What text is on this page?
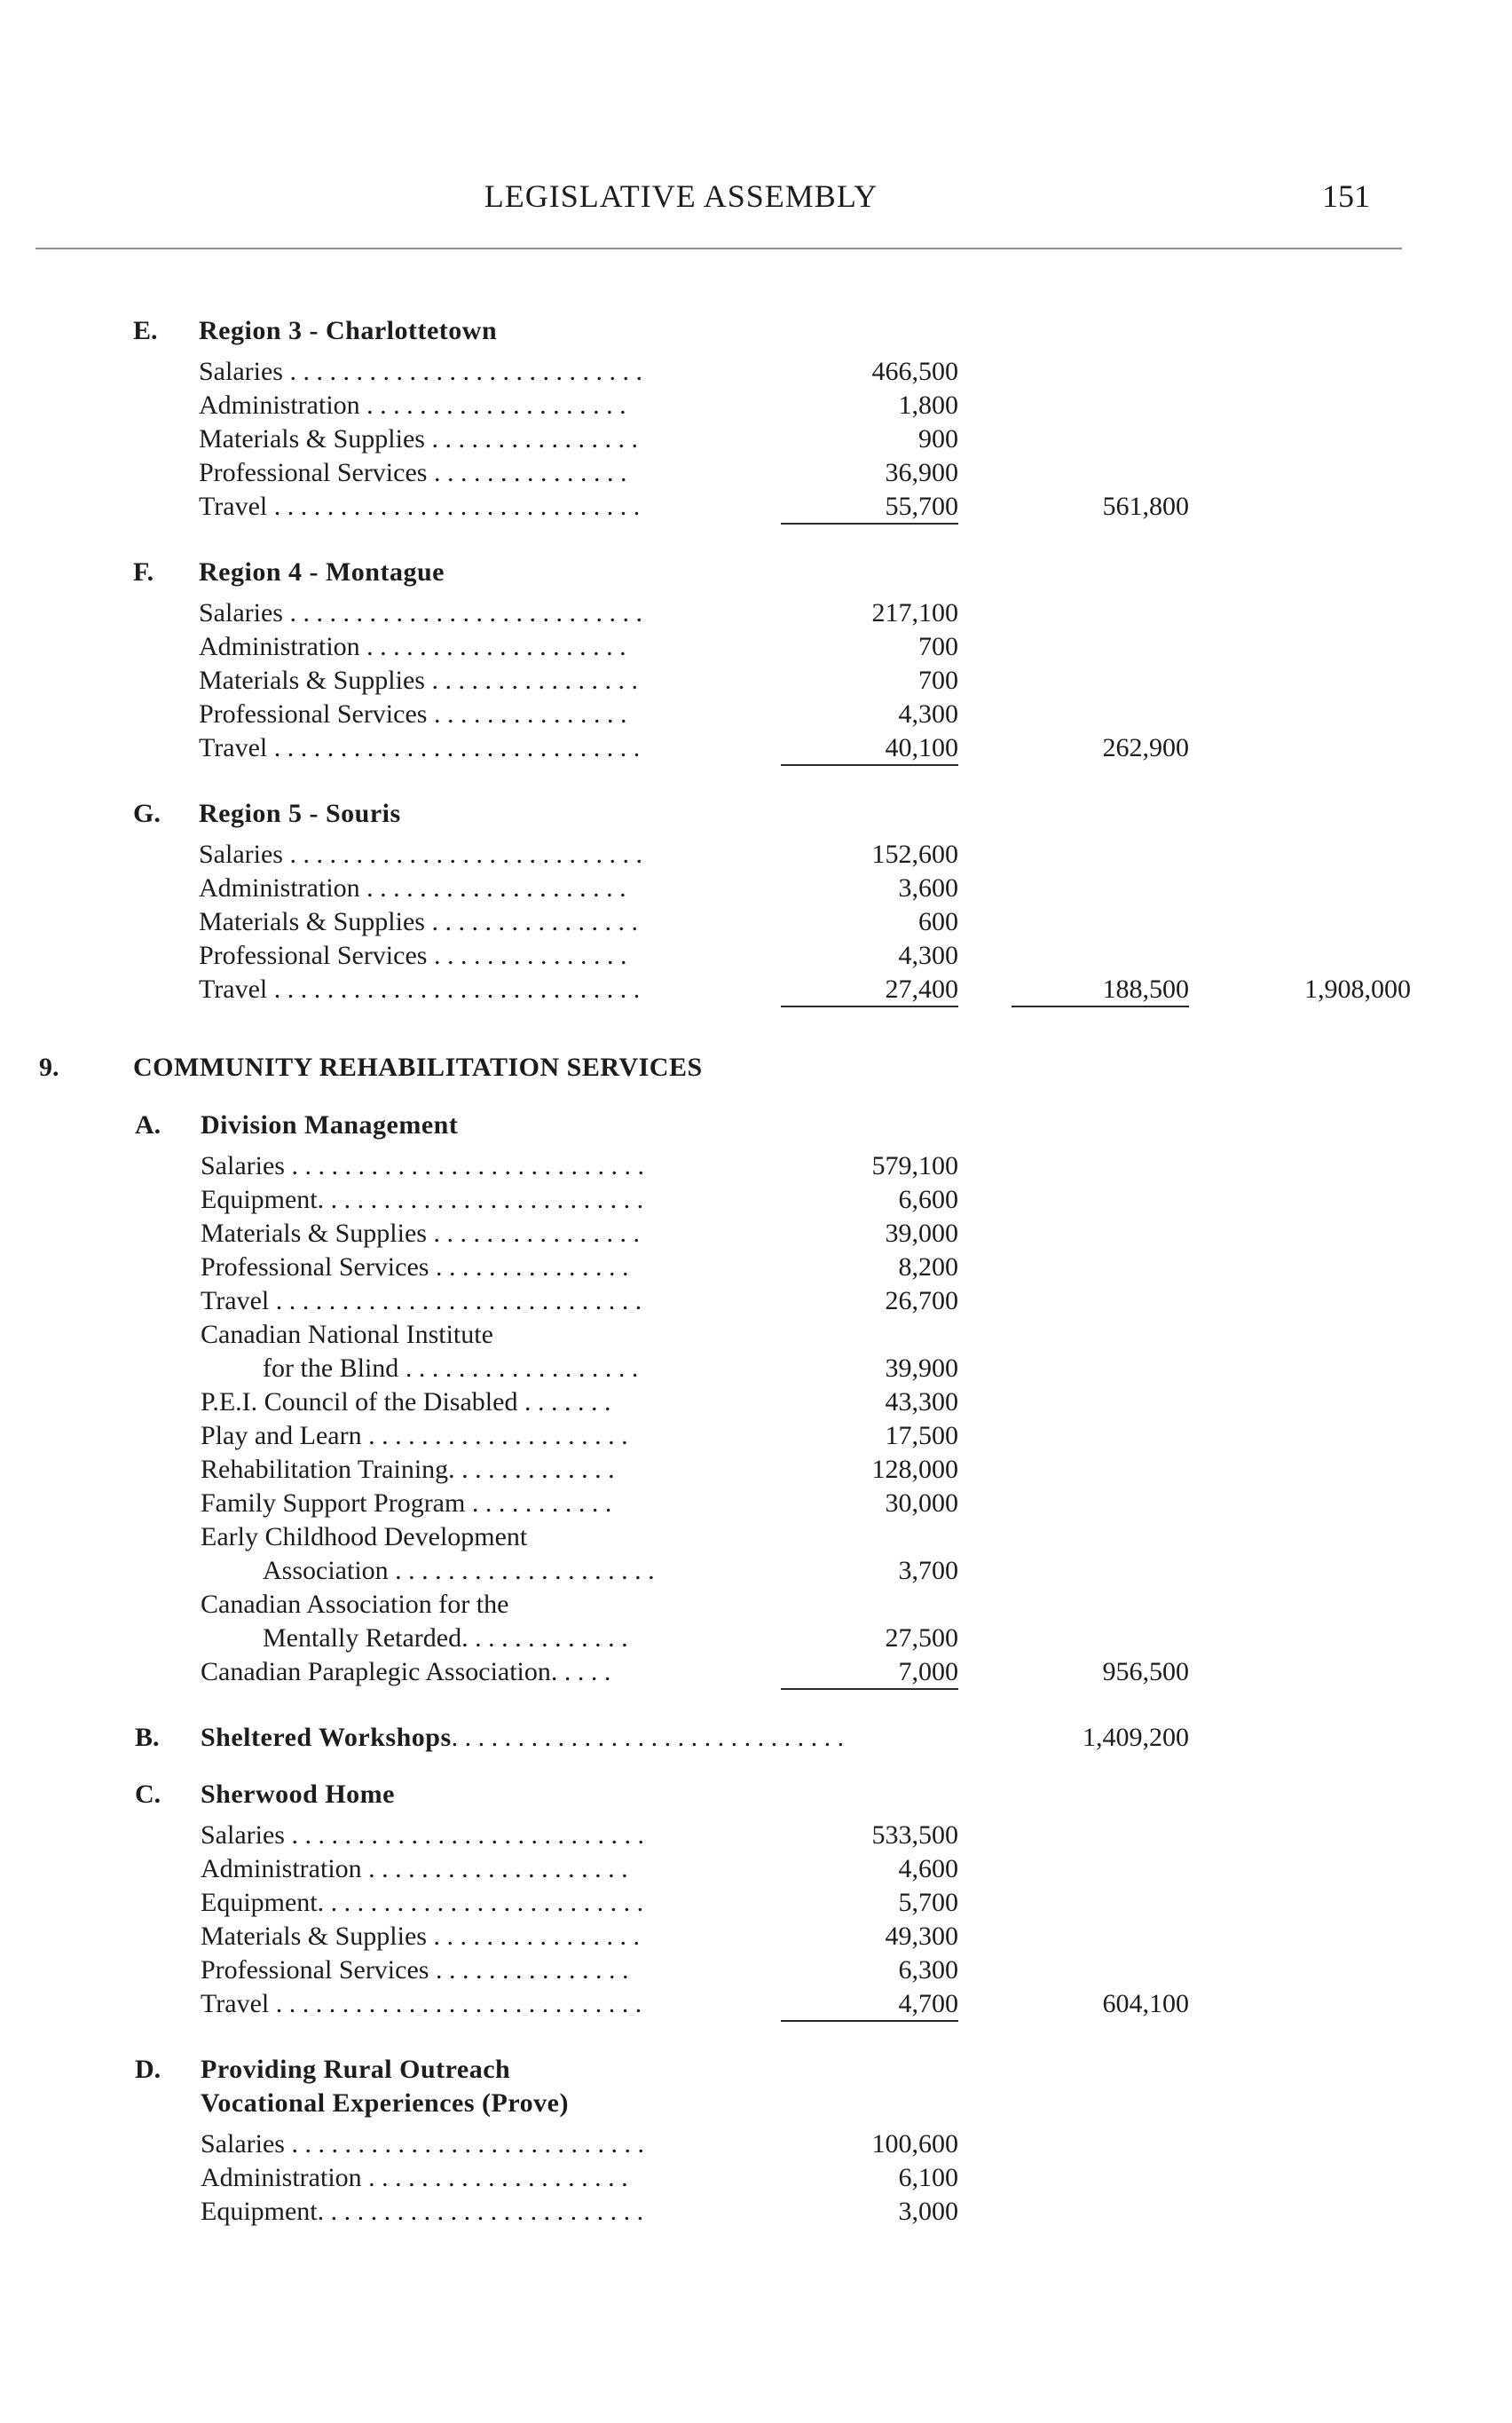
LEGISLATIVE ASSEMBLY	151
E. Region 3 - Charlottetown
Salaries . . . . . . . . . . . . . . . . . . . . . . . . . . .	466,500
Administration . . . . . . . . . . . . . . . . . . . .	1,800
Materials & Supplies . . . . . . . . . . . . . . . .	900
Professional Services . . . . . . . . . . . . . . .	36,900
Travel . . . . . . . . . . . . . . . . . . . . . . . . . . . .	55,700	561,800
F. Region 4 - Montague
Salaries . . . . . . . . . . . . . . . . . . . . . . . . . . .	217,100
Administration . . . . . . . . . . . . . . . . . . . .	700
Materials & Supplies . . . . . . . . . . . . . . . .	700
Professional Services . . . . . . . . . . . . . . .	4,300
Travel . . . . . . . . . . . . . . . . . . . . . . . . . . . .	40,100	262,900
G. Region 5 - Souris
Salaries . . . . . . . . . . . . . . . . . . . . . . . . . . .	152,600
Administration . . . . . . . . . . . . . . . . . . . .	3,600
Materials & Supplies . . . . . . . . . . . . . . . .	600
Professional Services . . . . . . . . . . . . . . .	4,300
Travel . . . . . . . . . . . . . . . . . . . . . . . . . . . .	27,400	188,500	1,908,000
9.	COMMUNITY REHABILITATION SERVICES
A. Division Management
Salaries . . . . . . . . . . . . . . . . . . . . . . . . . . .	579,100
Equipment. . . . . . . . . . . . . . . . . . . . . . . . .	6,600
Materials & Supplies . . . . . . . . . . . . . . . .	39,000
Professional Services . . . . . . . . . . . . . . .	8,200
Travel . . . . . . . . . . . . . . . . . . . . . . . . . . . .	26,700
Canadian National Institute
for the Blind . . . . . . . . . . . . . . . . . .	39,900
P.E.I. Council of the Disabled . . . . . . .	43,300
Play and Learn . . . . . . . . . . . . . . . . . . . .	17,500
Rehabilitation Training. . . . . . . . . . . . .	128,000
Family Support Program . . . . . . . . . . .	30,000
Early Childhood Development
Association . . . . . . . . . . . . . . . . . . . .	3,700
Canadian Association for the
Mentally Retarded. . . . . . . . . . . . .	27,500
Canadian Paraplegic Association. . . . .	7,000	956,500
B. Sheltered Workshops. . . . . . . . . . . . . . . . . . . . . . . . . . . . . .	1,409,200
C. Sherwood Home
Salaries . . . . . . . . . . . . . . . . . . . . . . . . . . .	533,500
Administration . . . . . . . . . . . . . . . . . . . .	4,600
Equipment. . . . . . . . . . . . . . . . . . . . . . . . .	5,700
Materials & Supplies . . . . . . . . . . . . . . . .	49,300
Professional Services . . . . . . . . . . . . . . .	6,300
Travel . . . . . . . . . . . . . . . . . . . . . . . . . . . .	4,700	604,100
D. Providing Rural Outreach
Vocational Experiences (Prove)
Salaries . . . . . . . . . . . . . . . . . . . . . . . . . . .	100,600
Administration . . . . . . . . . . . . . . . . . . . .	6,100
Equipment. . . . . . . . . . . . . . . . . . . . . . . . .	3,000
